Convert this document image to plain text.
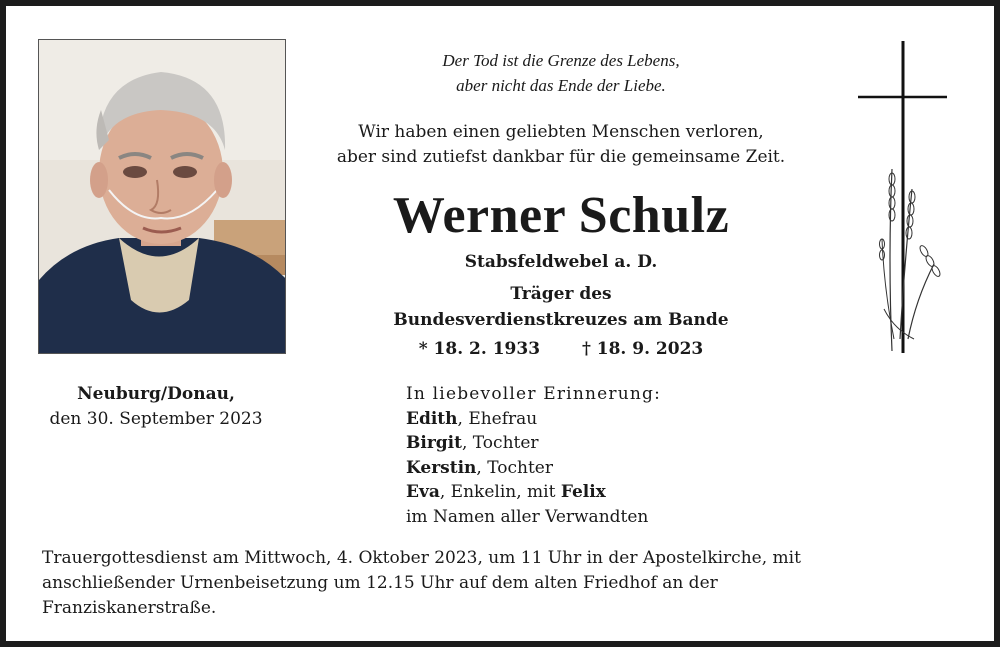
Der Tod ist die Grenze des Lebens,
aber nicht das Ende der Liebe.
Wir haben einen geliebten Menschen verloren,
aber sind zutiefst dankbar für die gemeinsame Zeit.
Werner Schulz
Stabsfeldwebel a. D.
Träger des
Bundesverdienstkreuzes am Bande
* 18. 2. 1933 † 18. 9. 2023
Neuburg/Donau,
den 30. September 2023
In liebevoller Erinnerung:
Edith, Ehefrau
Birgit, Tochter
Kerstin, Tochter
Eva, Enkelin, mit Felix
im Namen aller Verwandten
Trauergottesdienst am Mittwoch, 4. Oktober 2023, um 11 Uhr in der Apostelkirche, mit
anschließender Urnenbeisetzung um 12.15 Uhr auf dem alten Friedhof an der
Franziskanerstraße.
